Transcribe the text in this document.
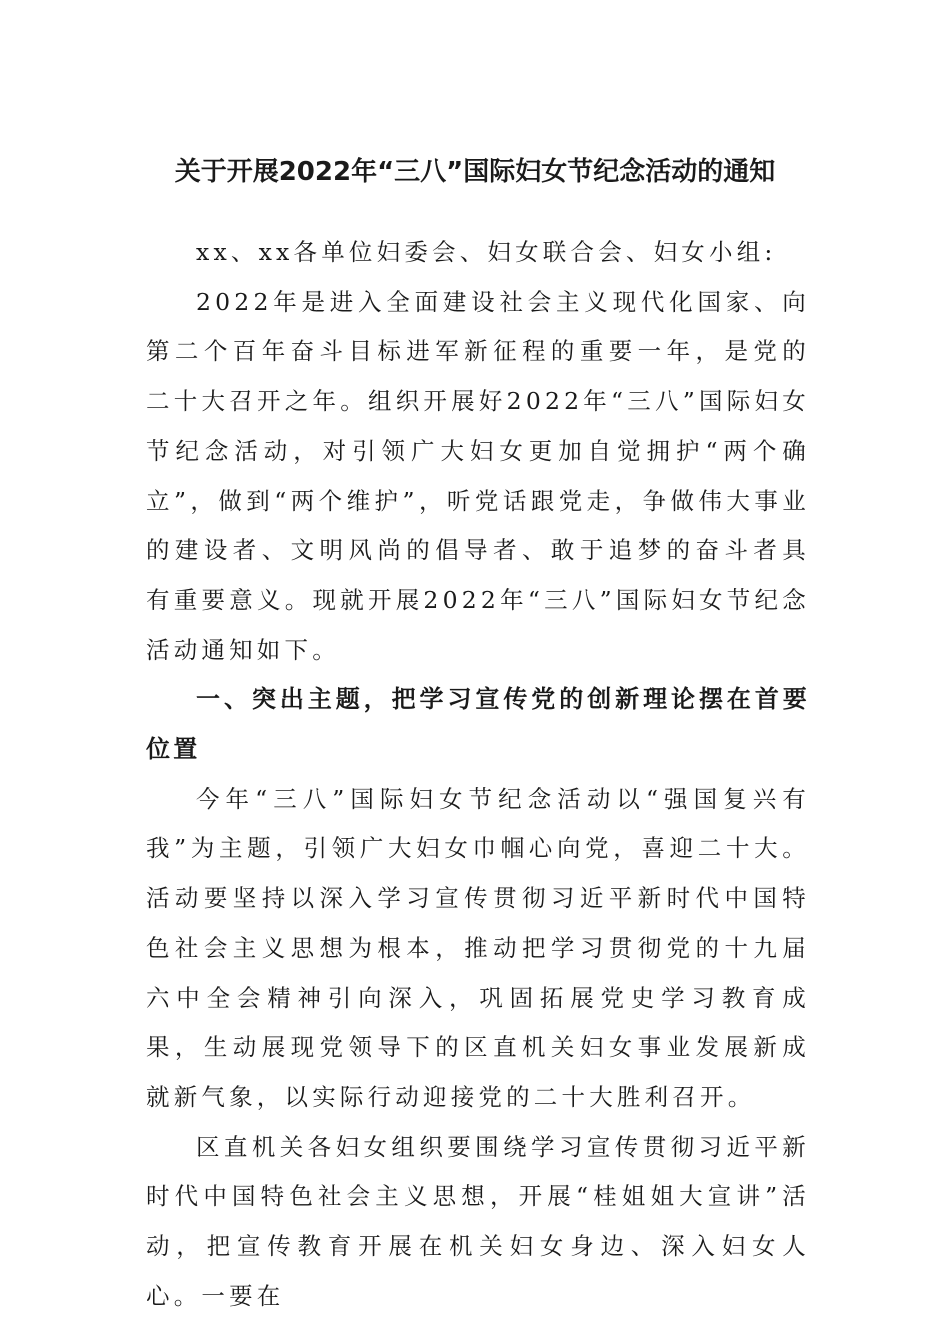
关于开展2022年“三八”国际妇女节纪念活动的通知

xx、xx各单位妇委会、妇女联合会、妇女小组:

2022年是进入全面建设社会主义现代化国家、向第二个百年奋斗目标进军新征程的重要一年，是党的二十大召开之年。组织开展好2022年“三八”国际妇女节纪念活动，对引领广大妇女更加自觉拥护“两个确立”，做到“两个维护”，听党话跟党走，争做伟大事业的建设者、文明风尚的倡导者、敢于追梦的奋斗者具有重要意义。现就开展2022年“三八”国际妇女节纪念活动通知如下。

一、突出主题，把学习宣传党的创新理论摆在首要位置

今年“三八”国际妇女节纪念活动以“强国复兴有我”为主题，引领广大妇女巾帼心向党，喜迎二十大。活动要坚持以深入学习宣传贯彻习近平新时代中国特色社会主义思想为根本，推动把学习贯彻党的十九届六中全会精神引向深入，巩固拓展党史学习教育成果，生动展现党领导下的区直机关妇女事业发展新成就新气象，以实际行动迎接党的二十大胜利召开。

区直机关各妇女组织要围绕学习宣传贯彻习近平新时代中国特色社会主义思想，开展“桂姐姐大宣讲”活动，把宣传教育开展在机关妇女身边、深入妇女人心。一要在
